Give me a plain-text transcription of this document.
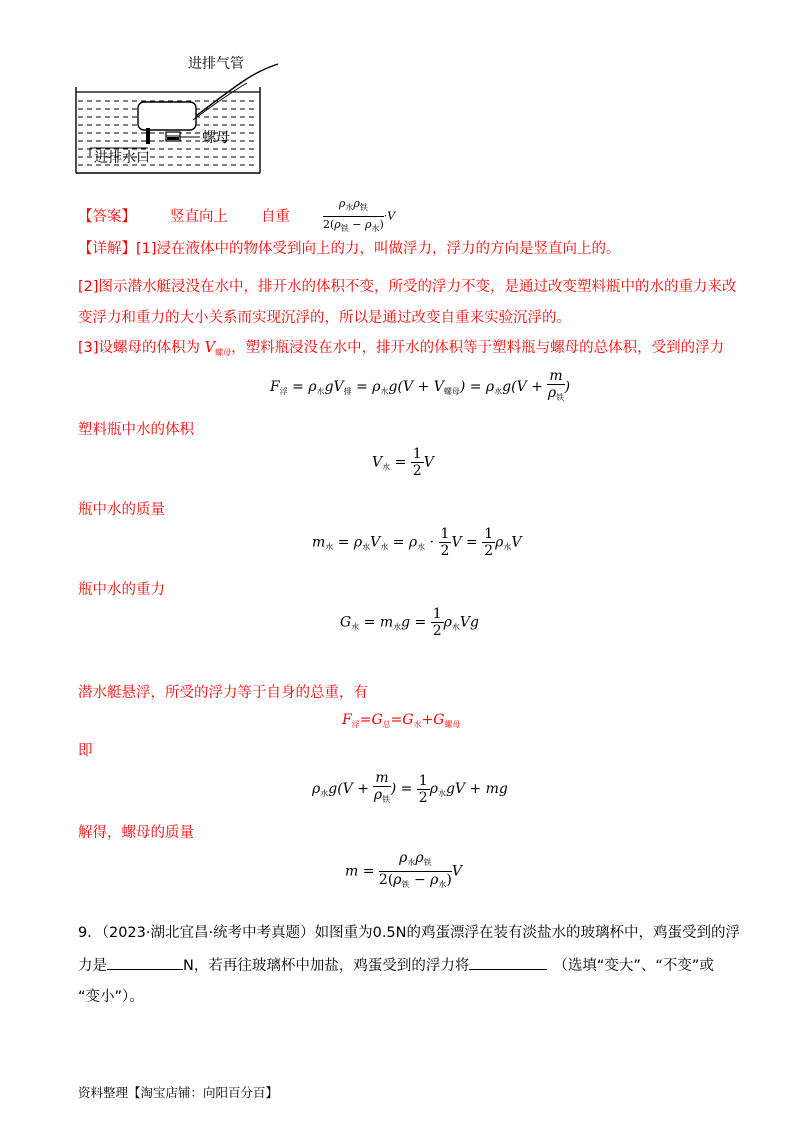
进排气管
螺母
进排水口
【答案】 竖直向上 自重	$\frac{\rho_水\rho_铁}{2(\rho_铁 - \rho_水)} \cdot V$
【详解】[1]浸在液体中的物体受到向上的力，叫做浮力，浮力的方向是竖直向上的。
[2]图示潜水艇浸没在水中，排开水的体积不变，所受的浮力不变，是通过改变塑料瓶中的水的重力来改
变浮力和重力的大小关系而实现沉浮的，所以是通过改变自重来实验沉浮的。
[3]设螺母的体积为 $V_{螺母}$，塑料瓶浸没在水中，排开水的体积等于塑料瓶与螺母的总体积，受到的浮力
$F_浮 = \rho_水gV_排 = \rho_水g(V + V_{螺母}) = \rho_水g(V + \frac{m}{\rho_铁}$ )
塑料瓶中水的体积
$V_水 = \frac{1}{2}$ V
瓶中水的质量
$m_水 = \rho_水V_水 = \rho_水 \cdot \frac{1}{2}$ $V = \frac{1}{2} \rho_水V$
瓶中水的重力
$G_水 = m_水g = \frac{1}{2} \rho_水Vg$
潜水艇悬浮，所受的浮力等于自身的总重，有
$F_浮=G_总=G_水+G_{螺母}$
即
$\rho_水g(V + \frac{m}{\rho_铁}$ ) = $\frac{1}{2} \rho_水gV$ + mg
解得，螺母的质量
$m = \frac{\rho_水\rho_铁}{2(\rho_铁 - \rho_水)}$ V
9．（2023·湖北宜昌·统考中考真题）如图重为0.5N的鸡蛋漂浮在装有淡盐水的玻璃杯中，鸡蛋受到的浮
力是	N，若再往玻璃杯中加盐，鸡蛋受到的浮力将	（选填“变大”、“不变”或
“变小”）。
资料整理【淘宝店铺：向阳百分百】
